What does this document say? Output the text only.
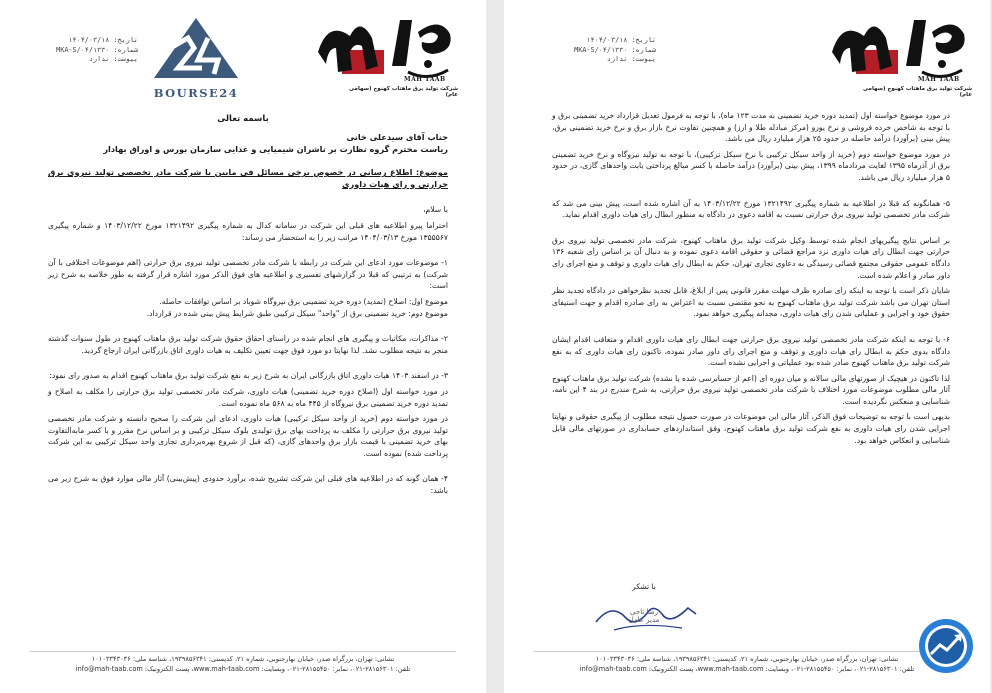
تاریخ: ۱۴۰۴/۰۳/۱۸
شماره: MKA-S/۰۴/۱۳۳۰
پیوست: ندارد
BOURSE24
MAH TAAB
شرکت تولید برق ماهتاب کهنوج (سهامی عام)
باسمه تعالی

جناب آقای سیدعلی خانی

ریاست محترم گروه نظارت بر ناشران شیمیایی و غذایی سازمان بورس و اوراق بهادار

موضوع: اطلاع رسانی در خصوص برخی مسائل فی مابین با شرکت مادر تخصصی تولید نیروی برق حرارتی و رای هیات داوری

با سلام،

احتراما پیرو اطلاعیه های قبلی این شرکت در سامانه کدال به شماره پیگیری ۱۳۲۱۴۹۲ مورخ ۱۴۰۳/۱۲/۲۲ و شماره پیگیری ۱۳۵۵۵۶۷ مورخ ۱۴۰۴/۰۳/۱۳ مراتب زیر را به استحضار می رساند:

۱- موضوعات مورد ادعای این شرکت در رابطه با شرکت مادر تخصصی تولید نیروی برق حرارتی (اهم موضوعات اختلافی با آن شرکت) به ترتیبی که قبلا در گزارشهای تفسیری و اطلاعیه های فوق الذکر مورد اشاره قرار گرفته به طور خلاصه به شرح زیر است:

موضوع اول: اصلاح (تمدید) دوره خرید تضمینی برق نیروگاه شوباد بر اساس توافقات حاصله.

موضوع دوم: خرید تضمینی برق از "واحد" سیکل ترکیبی طبق شرایط پیش بینی شده در قرارداد.

۲- مذاکرات، مکاتبات و پیگیری های انجام شده در راستای احقاق حقوق شرکت تولید برق ماهتاب کهنوج در طول سنوات گذشته منجر به نتیجه مطلوب نشد. لذا نهایتا دو مورد فوق جهت تعیین تکلیف به هیات داوری اتاق بازرگانی ایران ارجاع گردید.

۳- در اسفند ۱۴۰۳ هیات داوری اتاق بازرگانی ایران به شرح زیر به نفع شرکت تولید برق ماهتاب کهنوج اقدام به صدور رای نمود:

در مورد خواسته اول (اصلاح دوره خرید تضمینی) هیات داوری، شرکت مادر تخصصی تولید برق حرارتی را مکلف به اصلاح و تمدید دوره خرید تضمینی برق نیروگاه از ۴۴۵ ماه به ۵۶۸ ماه نموده است.

در مورد خواسته دوم (خرید از واحد سیکل ترکیبی) هیات داوری، ادعای این شرکت را صحیح دانسته و شرکت مادر تخصصی تولید نیروی برق حرارتی را مکلف به پرداخت بهای برق تولیدی بلوک سیکل ترکیبی و بر اساس نرخ مقرر و با کسر مابه‌التفاوت بهای خرید تضمینی با قیمت بازار برق واحدهای گازی، (که قبل از شروع بهره‌برداری تجاری واحد سیکل ترکیبی به این شرکت پرداخت شده) نموده است.

۴- همان گونه که در اطلاعیه های قبلی این شرکت تشریح شده، برآورد حدودی (پیش‌بینی) آثار مالی موارد فوق به شرح زیر می باشد:

نشانی: تهران، بزرگراه صدر، خیابان بهارجنوبی، شماره ۲۱، کدپستی: ۱۹۳۹۸۵۶۳۴۱، شناسه ملی: ۱۰۱۰۳۳۴۳۰۳۶
تلفن: ۲۸۱۵۶۳۰۱-۰۲۱، نمابر: ۲۸۱۵۵۴۵۰-۰۲۱، وبسایت: www.mah-taab.com، پست الکترونیک: info@mah-taab.com
تاریخ: ۱۴۰۴/۰۳/۱۸
شماره: MKA-S/۰۴/۱۳۳۰
پیوست: ندارد
MAH TAAB
شرکت تولید برق ماهتاب کهنوج (سهامی عام)

در مورد موضوع خواسته اول (تمدید دوره خرید تضمینی به مدت ۱۲۳ ماه)، با توجه به فرمول تعدیل قرارداد خرید تضمینی برق و با توجه به شاخص خرده فروشی و نرخ یورو (مرکز مبادله طلا و ارز) و همچنین تفاوت نرخ بازار برق و نرخ خرید تضمینی برق، پیش بینی (برآورد) درآمد حاصله در حدود ۲۵ هزار میلیارد ریال می باشد.

در مورد موضوع خواسته دوم (خرید از واحد سیکل ترکیبی با نرخ سیکل ترکیبی)، با توجه به تولید نیروگاه و نرخ خرید تضمینی برق از آذرماه ۱۳۹۵ لغایت مردادماه ۱۳۹۹، پیش بینی (برآورد) درآمد حاصله با کسر مبالغ پرداختی بابت واحدهای گازی، در حدود ۵ هزار میلیارد ریال می باشد.

۵- همانگونه که قبلا در اطلاعیه به شماره پیگیری ۱۳۲۱۴۹۲ مورخ ۱۴۰۳/۱۲/۲۲ به آن اشاره شده است، پیش بینی می شد که شرکت مادر تخصصی تولید نیروی برق حرارتی نسبت به اقامه دعوی در دادگاه به منظور ابطال رای هیات داوری اقدام نماید.

بر اساس نتایج پیگیریهای انجام شده توسط وکیل شرکت تولید برق ماهتاب کهنوج، شرکت مادر تخصصی تولید نیروی برق حرارتی جهت ابطال رای هیات داوری نزد مراجع قضائی و حقوقی اقامه دعوی نموده و به دنبال آن بر اساس رای شعبه ۱۳۶ دادگاه عمومی حقوقی مجتمع قضائی رسیدگی به دعاوی تجاری تهران، حکم به ابطال رای هیات داوری و توقف و منع اجرای رای داور صادر و اعلام شده است.

شایان ذکر است با توجه به اینکه رای صادره ظرف مهلت مقرر قانونی پس از ابلاغ، قابل تجدید نظرخواهی در دادگاه تجدید نظر استان تهران می باشد شرکت تولید برق ماهتاب کهنوج به نحو مقتضی نسبت به اعتراض به رای صادره اقدام و جهت استیفای حقوق خود و اجرایی و عملیاتی شدن رای هیات داوری، مجدانه پیگیری خواهد نمود.

۶- با توجه به اینکه شرکت مادر تخصصی تولید نیروی برق حرارتی جهت ابطال رای هیات داوری اقدام و متعاقب اقدام ایشان دادگاه بدوی حکم به ابطال رای هیات داوری و توقف و منع اجرای رای داور صادر نموده، تاکنون رای هیات داوری که به نفع شرکت تولید برق ماهتاب کهنوج صادر شده بود عملیاتی و اجرایی نشده است.

لذا تاکنون در هیچیک از صورتهای مالی سالانه و میان دوره ای (اعم از حسابرسی شده یا نشده) شرکت تولید برق ماهتاب کهنوج آثار مالی مطلوب موضوعات مورد اختلاف با شرکت مادر تخصصی تولید نیروی برق حرارتی، به شرح مندرج در بند ۴ این نامه، شناسایی و منعکس نگردیده است.

بدیهی است با توجه به توضیحات فوق الذکر، آثار مالی این موضوعات در صورت حصول نتیجه مطلوب از پیگیری حقوقی و نهایتا اجرایی شدن رای هیات داوری به نفع شرکت تولید برق ماهتاب کهنوج، وفق استانداردهای حسابداری در صورتهای مالی قابل شناسایی و انعکاس خواهد بود.

با تشکر
رضا ناجی
مدیر عامل
نشانی: تهران، بزرگراه صدر، خیابان بهارجنوبی، شماره ۲۱، کدپستی: ۱۹۳۹۸۵۶۳۴۱، شناسه ملی: ۱۰۱۰۳۳۴۳۰۳۶
تلفن: ۲۸۱۵۶۳۰۱-۰۲۱، نمابر: ۲۸۱۵۵۴۵۰-۰۲۱، وبسایت: www.mah-taab.com، پست الکترونیک: info@mah-taab.com
